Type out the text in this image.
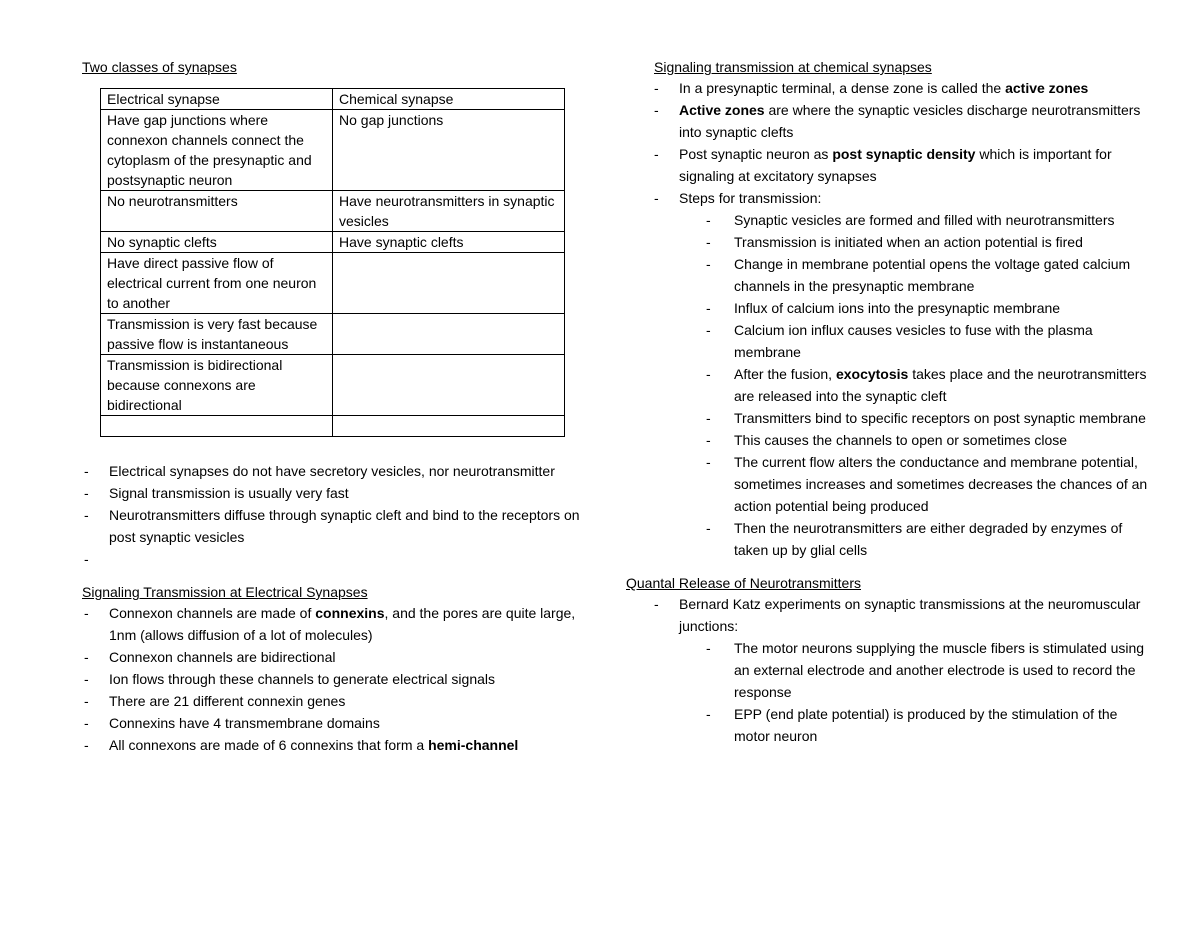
Two classes of synapses
Electrical synapse	Chemical synapse
Have gap junctions where connexon channels connect the cytoplasm of the presynaptic and postsynaptic neuron	No gap junctions
No neurotransmitters	Have neurotransmitters in synaptic vesicles
No synaptic clefts	Have synaptic clefts
Have direct passive flow of electrical current from one neuron to another	
Transmission is very fast because passive flow is instantaneous	
Transmission is bidirectional because connexons are bidirectional	

- Electrical synapses do not have secretory vesicles, nor neurotransmitter
- Signal transmission is usually very fast
- Neurotransmitters diffuse through synaptic cleft and bind to the receptors on post synaptic vesicles
-
Signaling Transmission at Electrical Synapses
- Connexon channels are made of connexins, and the pores are quite large, 1nm (allows diffusion of a lot of molecules)
- Connexon channels are bidirectional
- Ion flows through these channels to generate electrical signals
- There are 21 different connexin genes
- Connexins have 4 transmembrane domains
- All connexons are made of 6 connexins that form a hemi-channel
Signaling transmission at chemical synapses
- In a presynaptic terminal, a dense zone is called the active zones
- Active zones are where the synaptic vesicles discharge neurotransmitters into synaptic clefts
- Post synaptic neuron as post synaptic density which is important for signaling at excitatory synapses
- Steps for transmission:
- Synaptic vesicles are formed and filled with neurotransmitters
- Transmission is initiated when an action potential is fired
- Change in membrane potential opens the voltage gated calcium channels in the presynaptic membrane
- Influx of calcium ions into the presynaptic membrane
- Calcium ion influx causes vesicles to fuse with the plasma membrane
- After the fusion, exocytosis takes place and the neurotransmitters are released into the synaptic cleft
- Transmitters bind to specific receptors on post synaptic membrane
- This causes the channels to open or sometimes close
- The current flow alters the conductance and membrane potential, sometimes increases and sometimes decreases the chances of an action potential being produced
- Then the neurotransmitters are either degraded by enzymes of taken up by glial cells
Quantal Release of Neurotransmitters
- Bernard Katz experiments on synaptic transmissions at the neuromuscular junctions:
- The motor neurons supplying the muscle fibers is stimulated using an external electrode and another electrode is used to record the response
- EPP (end plate potential) is produced by the stimulation of the motor neuron
